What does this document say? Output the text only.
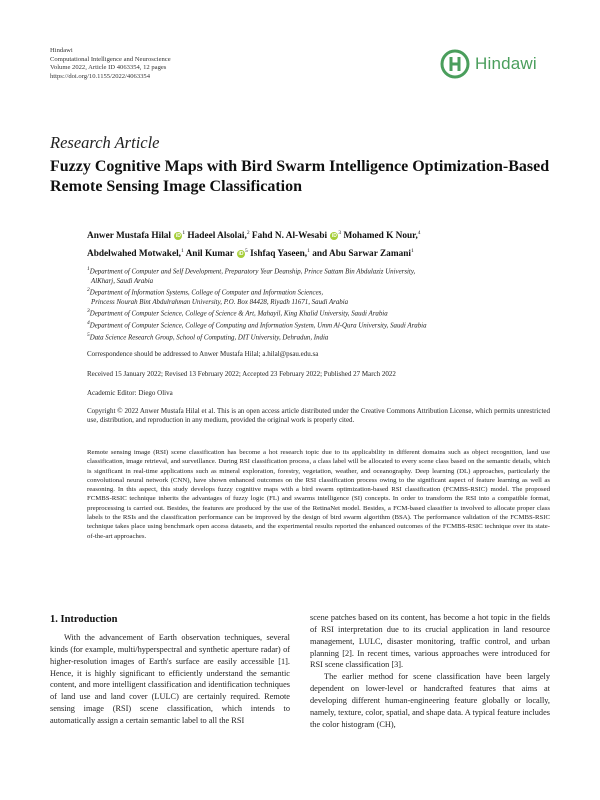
Hindawi
Computational Intelligence and Neuroscience
Volume 2022, Article ID 4063354, 12 pages
https://doi.org/10.1155/2022/4063354
Hindawi
Research Article
Fuzzy Cognitive Maps with Bird Swarm Intelligence Optimization-Based Remote Sensing Image Classification
Anwer Mustafa Hilal $iD^1$ Hadeel Alsolai,$^2$ Fahd N. Al-Wesabi $iD^3$ Mohamed K Nour,$^4$
Abdelwahed Motwakel,$^1$ Anil Kumar $iD^5$ Ishfaq Yaseen,$^1$ and Abu Sarwar Zamani$^1$
$^1$Department of Computer and Self Development, Preparatory Year Deanship, Prince Sattam Bin Abdulaziz University,
AlKharj, Saudi Arabia
$^2$Department of Information Systems, College of Computer and Information Sciences,
Princess Nourah Bint Abdulrahman University, P.O. Box 84428, Riyadh 11671, Saudi Arabia
$^3$Department of Computer Science, College of Science & Art, Mahayil, King Khalid University, Saudi Arabia
$^4$Department of Computer Science, College of Computing and Information System, Umm Al-Qura University, Saudi Arabia
$^5$Data Science Research Group, School of Computing, DIT University, Dehradun, India
Correspondence should be addressed to Anwer Mustafa Hilal; a.hilal@psau.edu.sa
Received 15 January 2022; Revised 13 February 2022; Accepted 23 February 2022; Published 27 March 2022
Academic Editor: Diego Oliva
Copyright © 2022 Anwer Mustafa Hilal et al. This is an open access article distributed under the Creative Commons Attribution License, which permits unrestricted use, distribution, and reproduction in any medium, provided the original work is properly cited.
Remote sensing image (RSI) scene classification has become a hot research topic due to its applicability in different domains such as object recognition, land use classification, image retrieval, and surveillance. During RSI classification process, a class label will be allocated to every scene class based on the semantic details, which is significant in real-time applications such as mineral exploration, forestry, vegetation, weather, and oceanography. Deep learning (DL) approaches, particularly the convolutional neural network (CNN), have shown enhanced outcomes on the RSI classification process owing to the significant aspect of feature learning as well as reasoning. In this aspect, this study develops fuzzy cognitive maps with a bird swarm optimization-based RSI classification (FCMBS-RSIC) model. The proposed FCMBS-RSIC technique inherits the advantages of fuzzy logic (FL) and swarms intelligence (SI) concepts. In order to transform the RSI into a compatible format, preprocessing is carried out. Besides, the features are produced by the use of the RetinaNet model. Besides, a FCM-based classifier is involved to allocate proper class labels to the RSIs and the classification performance can be improved by the design of bird swarm algorithm (BSA). The performance validation of the FCMBS-RSIC technique takes place using benchmark open access datasets, and the experimental results reported the enhanced outcomes of the FCMBS-RSIC technique over its state-of-the-art approaches.
1. Introduction

With the advancement of Earth observation techniques, several kinds (for example, multi/hyperspectral and synthetic aperture radar) of higher-resolution images of Earth's surface are easily accessible [1]. Hence, it is highly significant to efficiently understand the semantic content, and more intelligent classification and identification techniques of land use and land cover (LULC) are certainly required. Remote sensing image (RSI) scene classification, which intends to automatically assign a certain semantic label to all the RSI

scene patches based on its content, has become a hot topic in the fields of RSI interpretation due to its crucial application in land resource management, LULC, disaster monitoring, traffic control, and urban planning [2]. In recent times, various approaches were introduced for RSI scene classification [3].

The earlier method for scene classification have been largely dependent on lower-level or handcrafted features that aims at developing different human-engineering feature globally or locally, namely, texture, color, spatial, and shape data. A typical feature includes the color histogram (CH),
